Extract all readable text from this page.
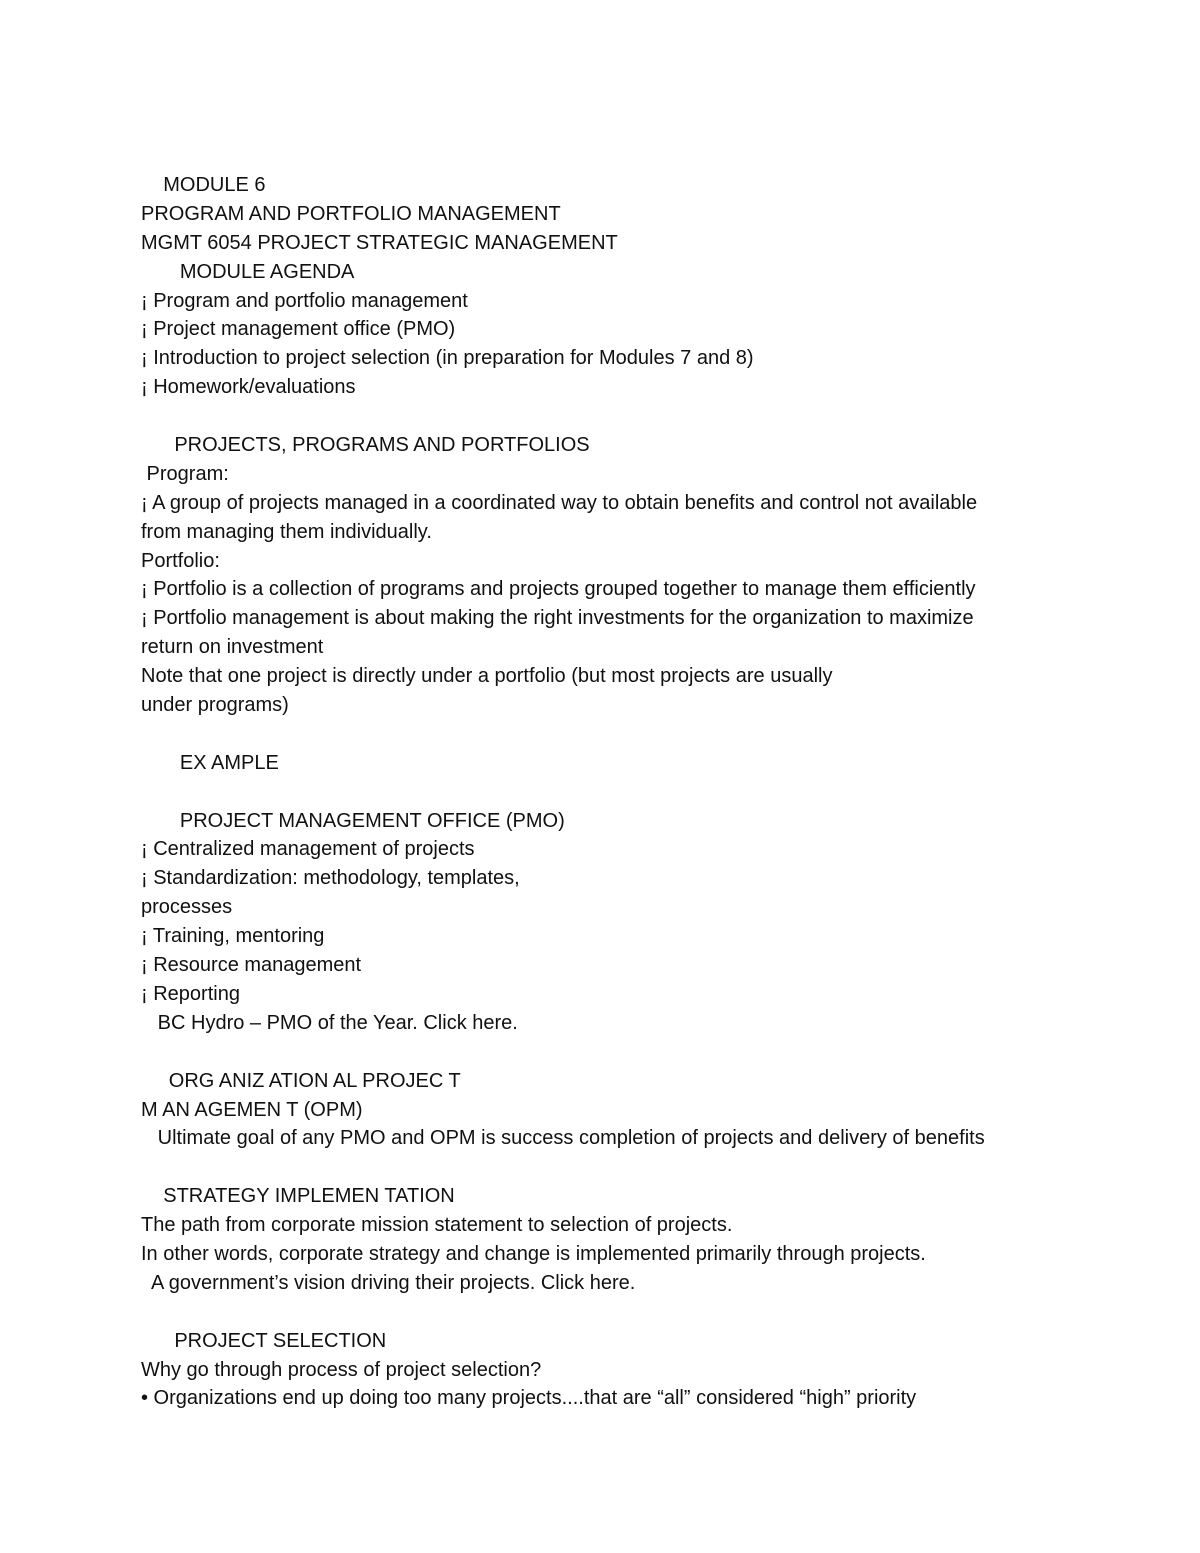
MODULE 6
PROGRAM AND PORTFOLIO MANAGEMENT
MGMT 6054 PROJECT STRATEGIC MANAGEMENT
MODULE AGENDA
¡ Program and portfolio management
¡ Project management office (PMO)
¡ Introduction to project selection (in preparation for Modules 7 and 8)
¡ Homework/evaluations
PROJECTS, PROGRAMS AND PORTFOLIOS
Program:
¡ A group of projects managed in a coordinated way to obtain benefits and control not available
from managing them individually.
Portfolio:
¡ Portfolio is a collection of programs and projects grouped together to manage them efficiently
¡ Portfolio management is about making the right investments for the organization to maximize
return on investment
Note that one project is directly under a portfolio (but most projects are usually
under programs)
EX AMPLE
PROJECT MANAGEMENT OFFICE (PMO)
¡ Centralized management of projects
¡ Standardization: methodology, templates,
processes
¡ Training, mentoring
¡ Resource management
¡ Reporting
BC Hydro – PMO of the Year. Click here.
ORG ANIZ ATION AL PROJEC T
M AN AGEMEN T (OPM)
Ultimate goal of any PMO and OPM is success completion of projects and delivery of benefits
STRATEGY IMPLEMEN TATION
The path from corporate mission statement to selection of projects.
In other words, corporate strategy and change is implemented primarily through projects.
A government’s vision driving their projects. Click here.
PROJECT SELECTION
Why go through process of project selection?
• Organizations end up doing too many projects....that are “all” considered “high” priority
